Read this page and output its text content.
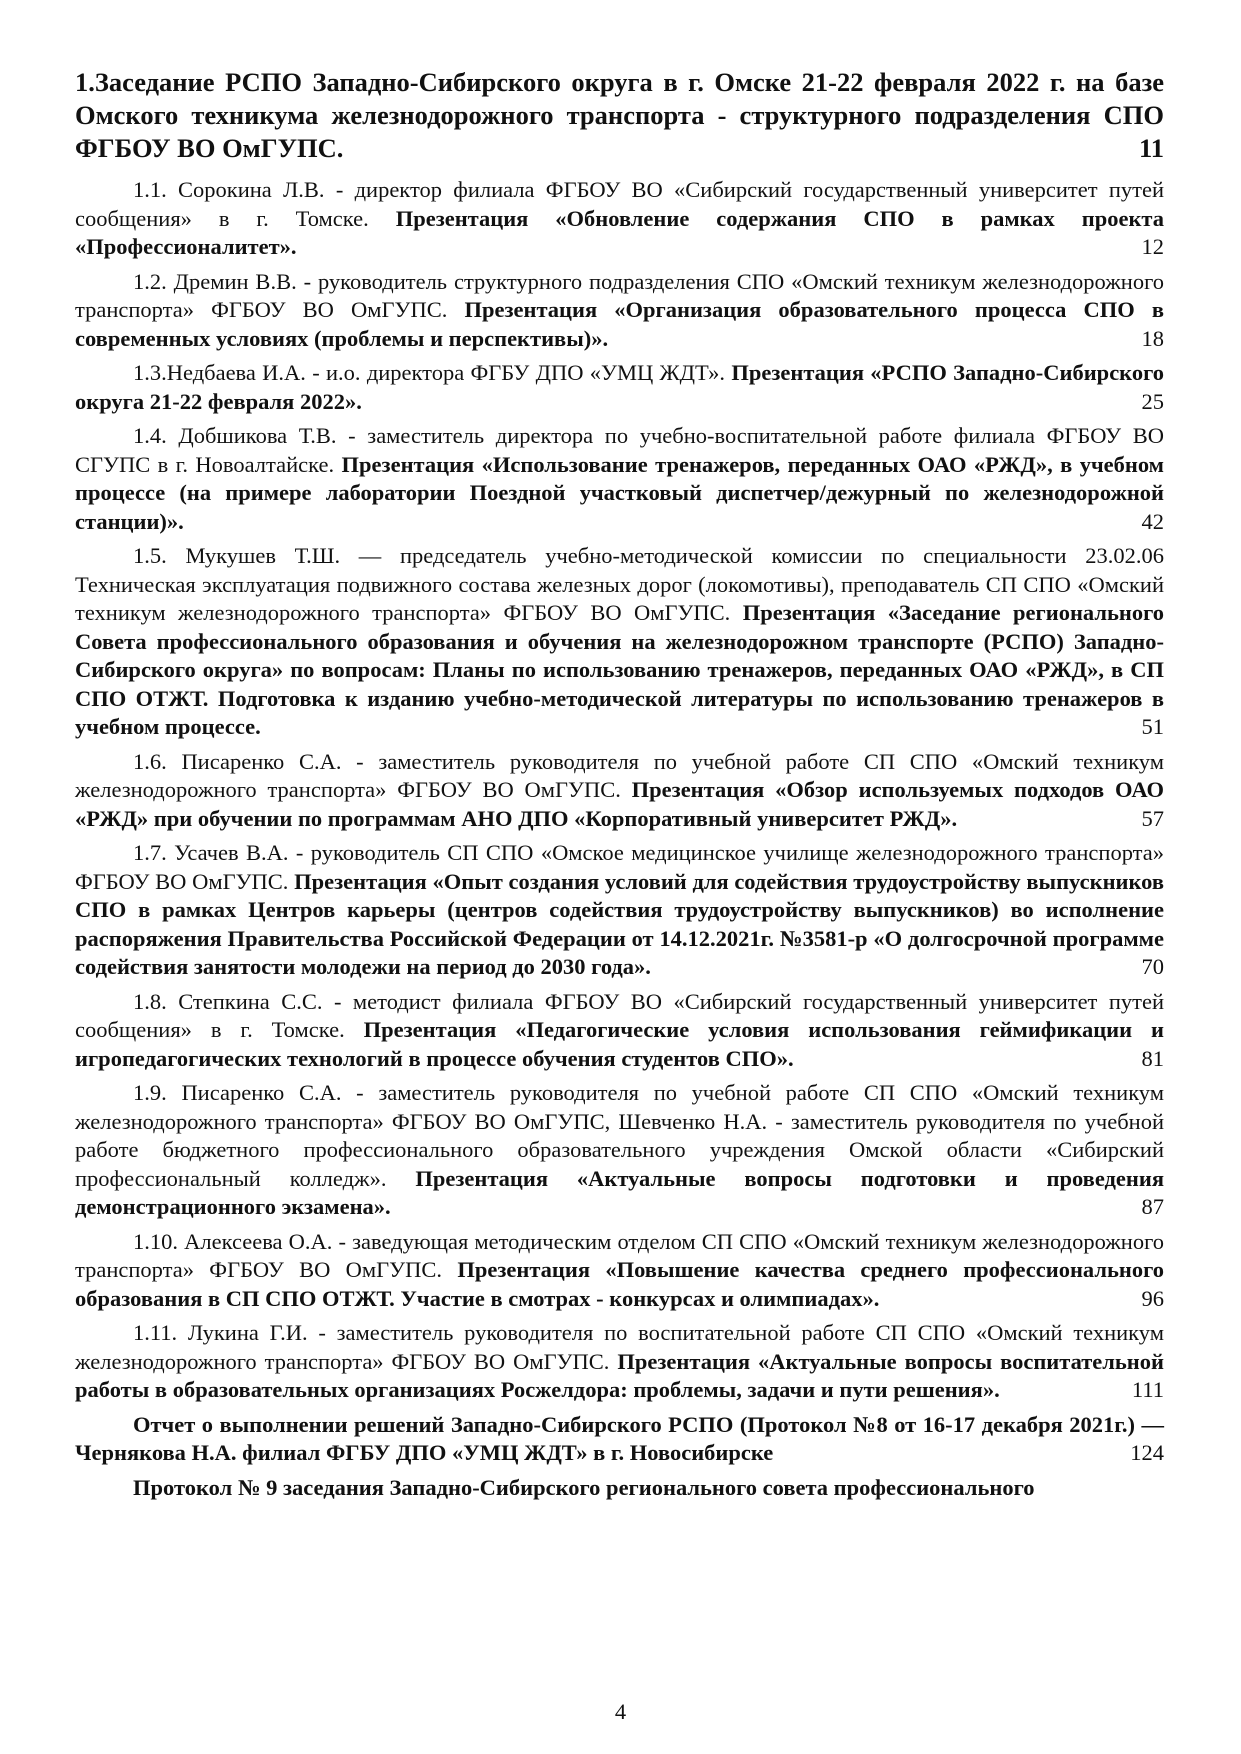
1.Заседание РСПО Западно-Сибирского округа в г. Омске 21-22 февраля 2022 г. на базе Омского техникума железнодорожного транспорта - структурного подразделения СПО ФГБОУ ВО ОмГУПС.	11
1.1. Сорокина Л.В. - директор филиала ФГБОУ ВО «Сибирский государственный университет путей сообщения» в г. Томске. Презентация «Обновление содержания СПО в рамках проекта «Профессионалитет».	12
1.2. Дремин В.В. - руководитель структурного подразделения СПО «Омский техникум железнодорожного транспорта» ФГБОУ ВО ОмГУПС. Презентация «Организация образовательного процесса СПО в современных условиях (проблемы и перспективы)».	18
1.3.Недбаева И.А. - и.о. директора ФГБУ ДПО «УМЦ ЖДТ». Презентация «РСПО Западно-Сибирского округа 21-22 февраля 2022».	25
1.4. Добшикова Т.В. - заместитель директора по учебно-воспитательной работе филиала ФГБОУ ВО СГУПС в г. Новоалтайске. Презентация «Использование тренажеров, переданных ОАО «РЖД», в учебном процессе (на примере лаборатории Поездной участковый диспетчер/дежурный по железнодорожной станции)».	42
1.5. Мукушев Т.Ш. — председатель учебно-методической комиссии по специальности 23.02.06 Техническая эксплуатация подвижного состава железных дорог (локомотивы), преподаватель СП СПО «Омский техникум железнодорожного транспорта» ФГБОУ ВО ОмГУПС. Презентация «Заседание регионального Совета профессионального образования и обучения на железнодорожном транспорте (РСПО) Западно-Сибирского округа» по вопросам: Планы по использованию тренажеров, переданных ОАО «РЖД», в СП СПО ОТЖТ. Подготовка к изданию учебно-методической литературы по использованию тренажеров в учебном процессе.	51
1.6. Писаренко С.А. - заместитель руководителя по учебной работе СП СПО «Омский техникум железнодорожного транспорта» ФГБОУ ВО ОмГУПС. Презентация «Обзор используемых подходов ОАО «РЖД» при обучении по программам АНО ДПО «Корпоративный университет РЖД».	57
1.7. Усачев В.А. - руководитель СП СПО «Омское медицинское училище железнодорожного транспорта» ФГБОУ ВО ОмГУПС. Презентация «Опыт создания условий для содействия трудоустройству выпускников СПО в рамках Центров карьеры (центров содействия трудоустройству выпускников) во исполнение распоряжения Правительства Российской Федерации от 14.12.2021г. №3581-р «О долгосрочной программе содействия занятости молодежи на период до 2030 года».	70
1.8. Степкина С.С. - методист филиала ФГБОУ ВО «Сибирский государственный университет путей сообщения» в г. Томске. Презентация «Педагогические условия использования геймификации и игропедагогических технологий в процессе обучения студентов СПО».	81
1.9. Писаренко С.А. - заместитель руководителя по учебной работе СП СПО «Омский техникум железнодорожного транспорта» ФГБОУ ВО ОмГУПС, Шевченко Н.А. - заместитель руководителя по учебной работе бюджетного профессионального образовательного учреждения Омской области «Сибирский профессиональный колледж». Презентация «Актуальные вопросы подготовки и проведения демонстрационного экзамена».	87
1.10. Алексеева О.А. - заведующая методическим отделом СП СПО «Омский техникум железнодорожного транспорта» ФГБОУ ВО ОмГУПС. Презентация «Повышение качества среднего профессионального образования в СП СПО ОТЖТ. Участие в смотрах - конкурсах и олимпиадах».	96
1.11. Лукина Г.И. - заместитель руководителя по воспитательной работе СП СПО «Омский техникум железнодорожного транспорта» ФГБОУ ВО ОмГУПС. Презентация «Актуальные вопросы воспитательной работы в образовательных организациях Росжелдора: проблемы, задачи и пути решения».	111
Отчет о выполнении решений Западно-Сибирского РСПО (Протокол №8 от 16-17 декабря 2021г.) — Чернякова Н.А. филиал ФГБУ ДПО «УМЦ ЖДТ» в г. Новосибирске	124
Протокол № 9 заседания Западно-Сибирского регионального совета профессионального
4
